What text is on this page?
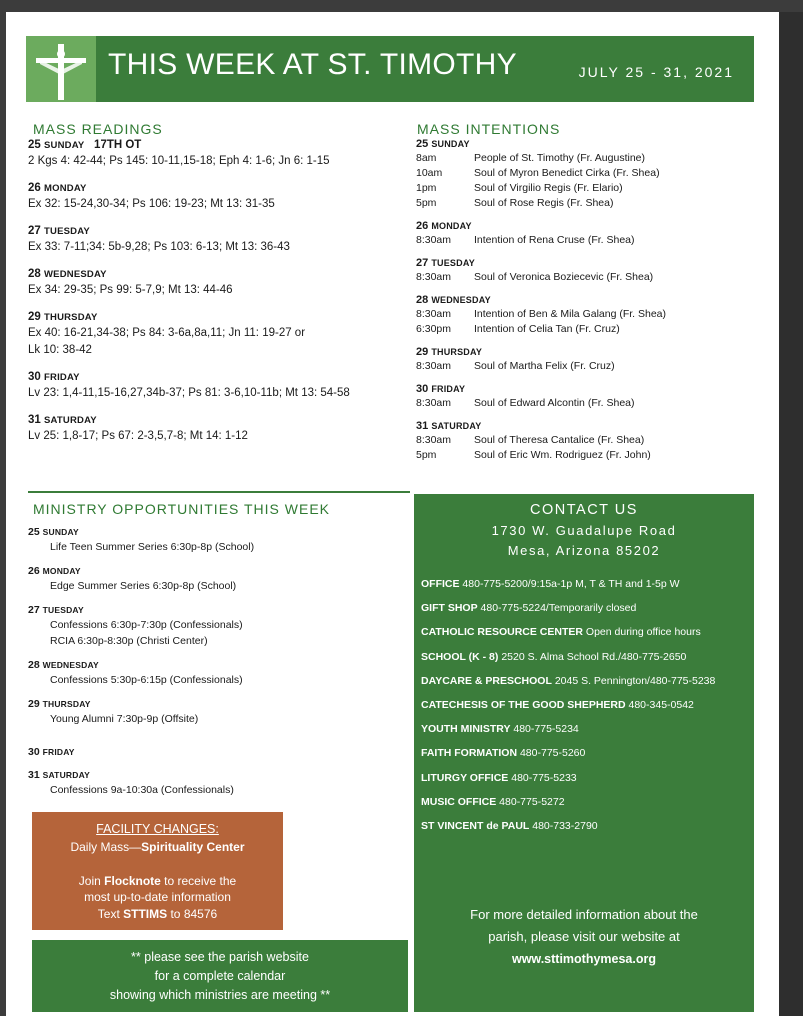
THIS WEEK AT ST. TIMOTHY	JULY 25 - 31, 2021
MASS READINGS
25 SUNDAY 17TH OT
2 Kgs 4: 42-44; Ps 145: 10-11,15-18; Eph 4: 1-6; Jn 6: 1-15
26 MONDAY
Ex 32: 15-24,30-34; Ps 106: 19-23; Mt 13: 31-35
27 TUESDAY
Ex 33: 7-11;34: 5b-9,28; Ps 103: 6-13; Mt 13: 36-43
28 WEDNESDAY
Ex 34: 29-35; Ps 99: 5-7,9; Mt 13: 44-46
29 THURSDAY
Ex 40: 16-21,34-38; Ps 84: 3-6a,8a,11; Jn 11: 19-27 or
Lk 10: 38-42
30 FRIDAY
Lv 23: 1,4-11,15-16,27,34b-37; Ps 81: 3-6,10-11b; Mt 13: 54-58
31 SATURDAY
Lv 25: 1,8-17; Ps 67: 2-3,5,7-8; Mt 14: 1-12
MASS INTENTIONS
25 SUNDAY
8am	People of St. Timothy (Fr. Augustine)
10am	Soul of Myron Benedict Cirka (Fr. Shea)
1pm	Soul of Virgilio Regis (Fr. Elario)
5pm	Soul of Rose Regis (Fr. Shea)
26 MONDAY
8:30am	Intention of Rena Cruse (Fr. Shea)
27 TUESDAY
8:30am	Soul of Veronica Boziecevic (Fr. Shea)
28 WEDNESDAY
8:30am	Intention of Ben & Mila Galang (Fr. Shea)
6:30pm	Intention of Celia Tan (Fr. Cruz)
29 THURSDAY
8:30am	Soul of Martha Felix (Fr. Cruz)
30 FRIDAY
8:30am	Soul of Edward Alcontin (Fr. Shea)
31 SATURDAY
8:30am	Soul of Theresa Cantalice (Fr. Shea)
5pm	Soul of Eric Wm. Rodriguez (Fr. John)
MINISTRY OPPORTUNITIES THIS WEEK
25 SUNDAY
Life Teen Summer Series 6:30p-8p (School)
26 MONDAY
Edge Summer Series 6:30p-8p (School)
27 TUESDAY
Confessions 6:30p-7:30p (Confessionals)
RCIA 6:30p-8:30p (Christi Center)
28 WEDNESDAY
Confessions 5:30p-6:15p (Confessionals)
29 THURSDAY
Young Alumni 7:30p-9p (Offsite)
30 FRIDAY
31 SATURDAY
Confessions 9a-10:30a (Confessionals)
FACILITY CHANGES:
Daily Mass—Spirituality Center
Join Flocknote to receive the
most up-to-date information
Text STTIMS to 84576
** please see the parish website
for a complete calendar
showing which ministries are meeting **
CONTACT US
1730 W. Guadalupe Road
Mesa, Arizona 85202
OFFICE 480-775-5200/9:15a-1p M, T & TH and 1-5p W
GIFT SHOP 480-775-5224/Temporarily closed
CATHOLIC RESOURCE CENTER Open during office hours
SCHOOL (K - 8) 2520 S. Alma School Rd./480-775-2650
DAYCARE & PRESCHOOL 2045 S. Pennington/480-775-5238
CATECHESIS OF THE GOOD SHEPHERD 480-345-0542
YOUTH MINISTRY 480-775-5234
FAITH FORMATION 480-775-5260
LITURGY OFFICE 480-775-5233
MUSIC OFFICE 480-775-5272
ST VINCENT de PAUL 480-733-2790
For more detailed information about the
parish, please visit our website at
www.sttimothymesa.org
